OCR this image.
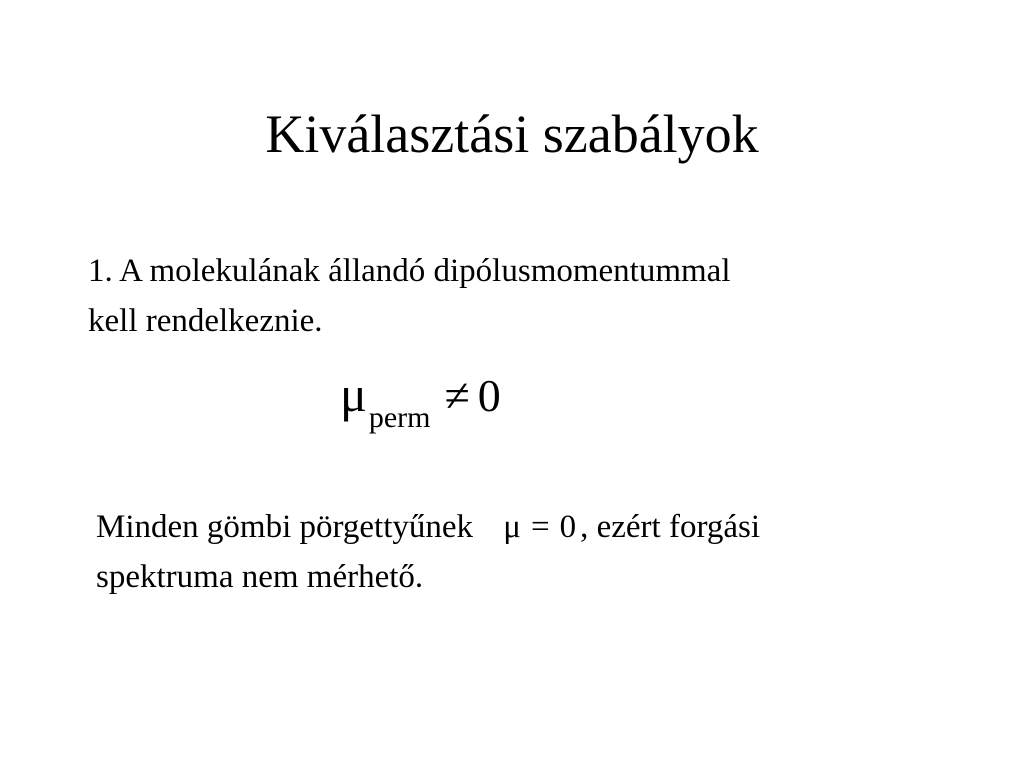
Kiválasztási szabályok
1. A molekulának állandó dipólusmomentummal
kell rendelkeznie.
$\mu_{perm} \ne 0$
Minden gömbi pörgettyűnek μ = 0 , ezért forgási
spektruma nem mérhető.
